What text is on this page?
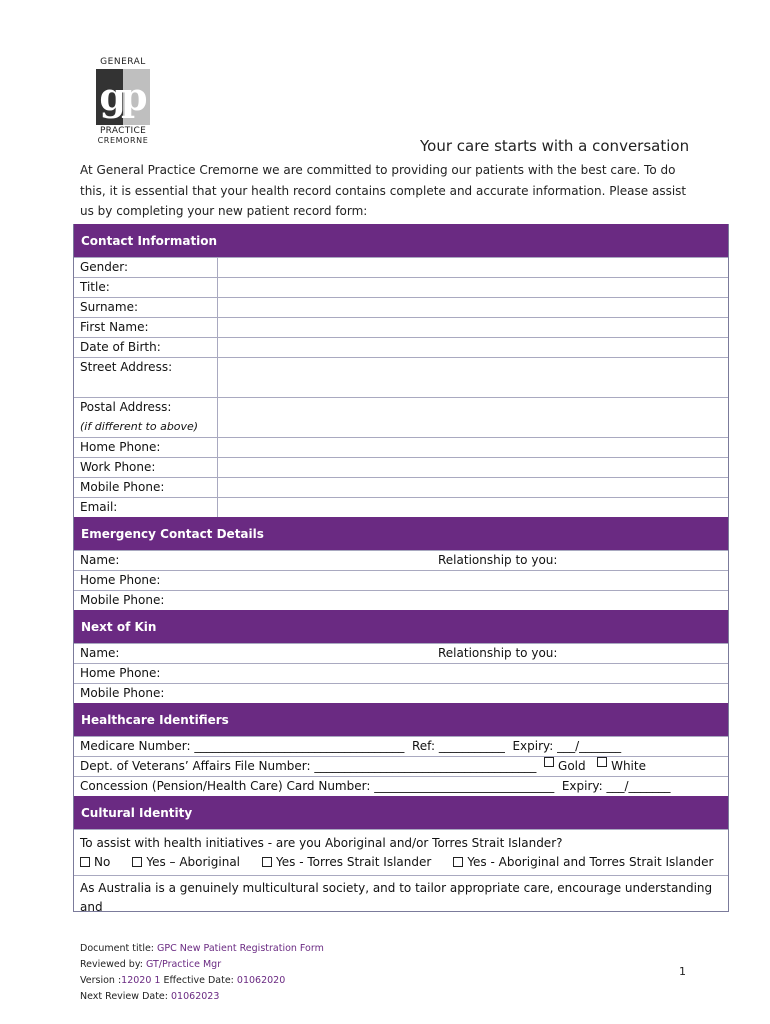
GENERAL
gp
PRACTICE
CREMORNE	Your care starts with a conversation
At General Practice Cremorne we are committed to providing our patients with the best care. To do this, it is essential that your health record contains complete and accurate information. Please assist us by completing your new patient record form:
Contact Information
Gender:
Title:
Surname:
First Name:
Date of Birth:
Street Address:
Postal Address:
(if different to above)
Home Phone:
Work Phone:
Mobile Phone:
Email:
Emergency Contact Details
Name:	Relationship to you:
Home Phone:
Mobile Phone:
Next of Kin
Name:	Relationship to you:
Home Phone:
Mobile Phone:
Healthcare Identifiers
Medicare Number: ___________________________________  Ref: ___________  Expiry: ___/_______
Dept. of Veterans’ Affairs File Number: _____________________________________
Gold
White
Concession (Pension/Health Care) Card Number: ______________________________  Expiry: ___/_______
Cultural Identity
To assist with health initiatives - are you Aboriginal and/or Torres Strait Islander?
No	Yes – Aboriginal	Yes - Torres Strait Islander	Yes - Aboriginal and Torres Strait Islander
As Australia is a genuinely multicultural society, and to tailor appropriate care, encourage understanding and
Document title: GPC New Patient Registration Form
Reviewed by: GT/Practice Mgr
Version :12020 1 Effective Date: 01062020
Next Review Date: 01062023
1
